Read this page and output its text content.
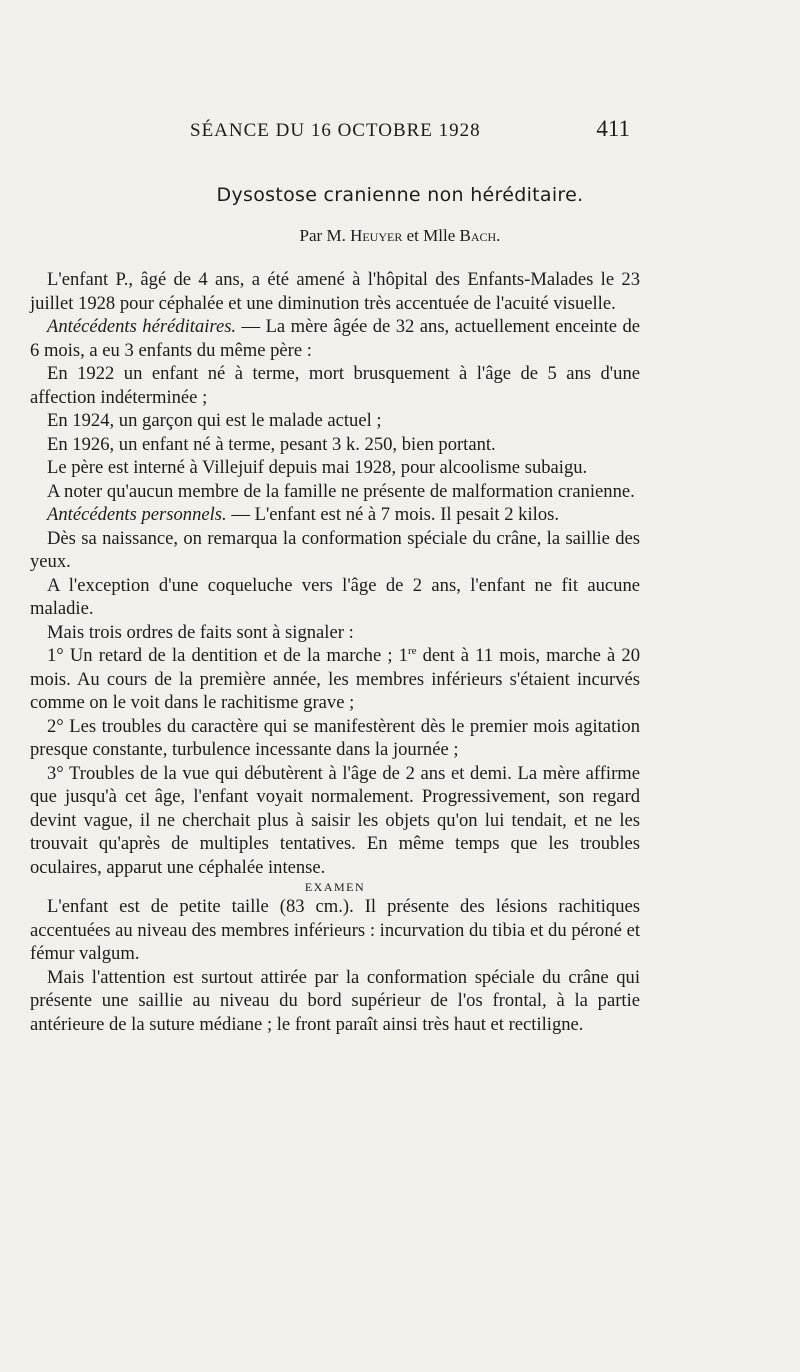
SÉANCE DU 16 OCTOBRE 1928	411
Dysostose cranienne non héréditaire.
Par M. Heuyer et Mlle Bach.

L'enfant P., âgé de 4 ans, a été amené à l'hôpital des Enfants-Malades le 23 juillet 1928 pour céphalée et une diminution très accentuée de l'acuité visuelle.

Antécédents héréditaires. — La mère âgée de 32 ans, actuellement enceinte de 6 mois, a eu 3 enfants du même père :

En 1922 un enfant né à terme, mort brusquement à l'âge de 5 ans d'une affection indéterminée ;

En 1924, un garçon qui est le malade actuel ;

En 1926, un enfant né à terme, pesant 3 k. 250, bien portant.

Le père est interné à Villejuif depuis mai 1928, pour alcoolisme subaigu.

A noter qu'aucun membre de la famille ne présente de malformation cranienne.

Antécédents personnels. — L'enfant est né à 7 mois. Il pesait 2 kilos.

Dès sa naissance, on remarqua la conformation spéciale du crâne, la saillie des yeux.

A l'exception d'une coqueluche vers l'âge de 2 ans, l'enfant ne fit aucune maladie.

Mais trois ordres de faits sont à signaler :

1° Un retard de la dentition et de la marche ; 1re dent à 11 mois, marche à 20 mois. Au cours de la première année, les membres inférieurs s'étaient incurvés comme on le voit dans le rachitisme grave ;

2° Les troubles du caractère qui se manifestèrent dès le premier mois agitation presque constante, turbulence incessante dans la journée ;

3° Troubles de la vue qui débutèrent à l'âge de 2 ans et demi. La mère affirme que jusqu'à cet âge, l'enfant voyait normalement. Progressivement, son regard devint vague, il ne cherchait plus à saisir les objets qu'on lui tendait, et ne les trouvait qu'après de multiples tentatives. En même temps que les troubles oculaires, apparut une céphalée intense.

EXAMEN

L'enfant est de petite taille (83 cm.). Il présente des lésions rachitiques accentuées au niveau des membres inférieurs : incurvation du tibia et du péroné et fémur valgum.

Mais l'attention est surtout attirée par la conformation spéciale du crâne qui présente une saillie au niveau du bord supérieur de l'os frontal, à la partie antérieure de la suture médiane ; le front paraît ainsi très haut et rectiligne.
